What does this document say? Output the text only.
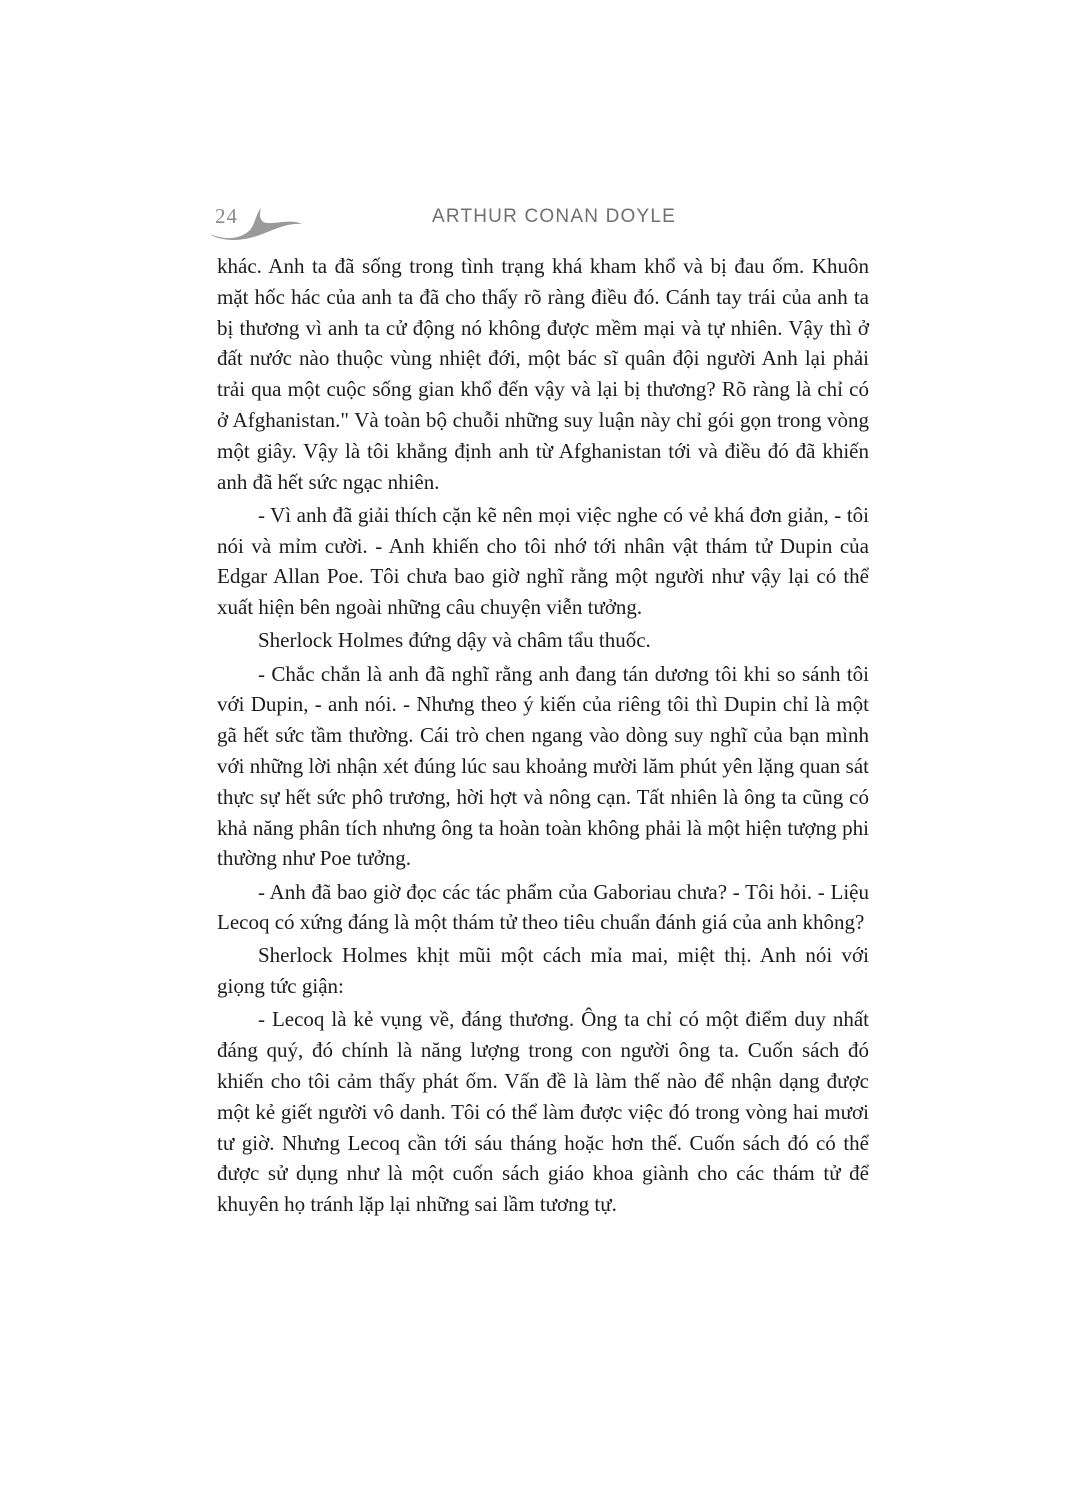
24	ARTHUR CONAN DOYLE

khác. Anh ta đã sống trong tình trạng khá kham khổ và bị đau ốm. Khuôn mặt hốc hác của anh ta đã cho thấy rõ ràng điều đó. Cánh tay trái của anh ta bị thương vì anh ta cử động nó không được mềm mại và tự nhiên. Vậy thì ở đất nước nào thuộc vùng nhiệt đới, một bác sĩ quân đội người Anh lại phải trải qua một cuộc sống gian khổ đến vậy và lại bị thương? Rõ ràng là chỉ có ở Afghanistan." Và toàn bộ chuỗi những suy luận này chỉ gói gọn trong vòng một giây. Vậy là tôi khẳng định anh từ Afghanistan tới và điều đó đã khiến anh đã hết sức ngạc nhiên.

- Vì anh đã giải thích cặn kẽ nên mọi việc nghe có vẻ khá đơn giản, - tôi nói và mỉm cười. - Anh khiến cho tôi nhớ tới nhân vật thám tử Dupin của Edgar Allan Poe. Tôi chưa bao giờ nghĩ rằng một người như vậy lại có thể xuất hiện bên ngoài những câu chuyện viễn tưởng.

Sherlock Holmes đứng dậy và châm tẩu thuốc.

- Chắc chắn là anh đã nghĩ rằng anh đang tán dương tôi khi so sánh tôi với Dupin, - anh nói. - Nhưng theo ý kiến của riêng tôi thì Dupin chỉ là một gã hết sức tầm thường. Cái trò chen ngang vào dòng suy nghĩ của bạn mình với những lời nhận xét đúng lúc sau khoảng mười lăm phút yên lặng quan sát thực sự hết sức phô trương, hời hợt và nông cạn. Tất nhiên là ông ta cũng có khả năng phân tích nhưng ông ta hoàn toàn không phải là một hiện tượng phi thường như Poe tưởng.

- Anh đã bao giờ đọc các tác phẩm của Gaboriau chưa? - Tôi hỏi. - Liệu Lecoq có xứng đáng là một thám tử theo tiêu chuẩn đánh giá của anh không?

Sherlock Holmes khịt mũi một cách mỉa mai, miệt thị. Anh nói với giọng tức giận:

- Lecoq là kẻ vụng về, đáng thương. Ông ta chỉ có một điểm duy nhất đáng quý, đó chính là năng lượng trong con người ông ta. Cuốn sách đó khiến cho tôi cảm thấy phát ốm. Vấn đề là làm thế nào để nhận dạng được một kẻ giết người vô danh. Tôi có thể làm được việc đó trong vòng hai mươi tư giờ. Nhưng Lecoq cần tới sáu tháng hoặc hơn thế. Cuốn sách đó có thể được sử dụng như là một cuốn sách giáo khoa giành cho các thám tử để khuyên họ tránh lặp lại những sai lầm tương tự.
